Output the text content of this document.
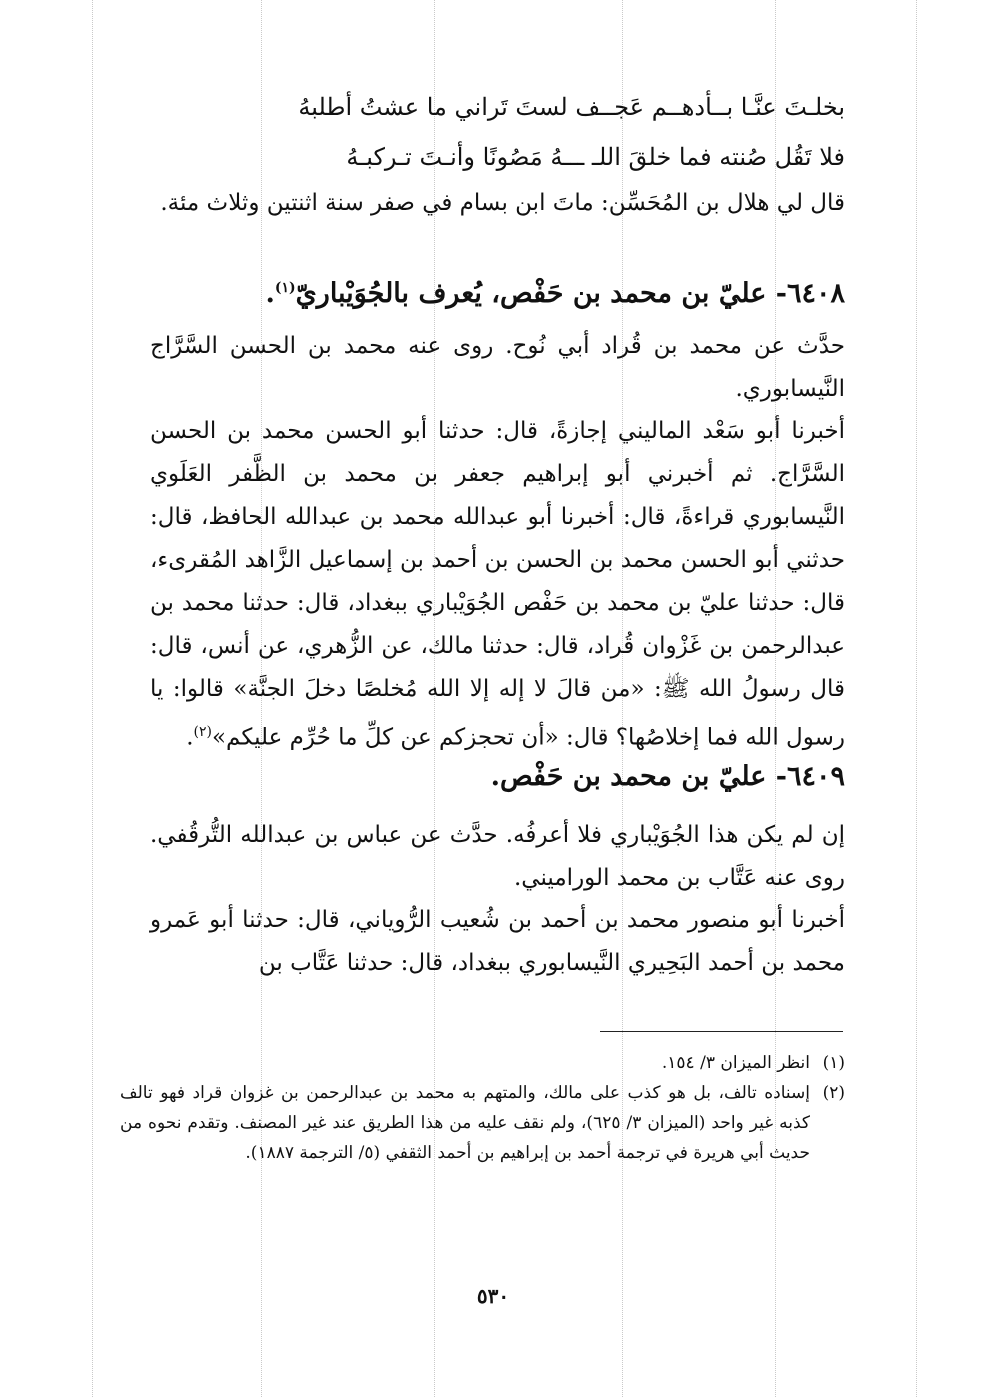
بخلـتَ عنَّـا بــأدهــم عَجــف لستَ تَراني ما عشتُ أطلبهُ
فلا تَقُل صُنته فما خلقَ اللـ ـــهُ مَصُونًا وأنـتَ تـركبـهُ

قال لي هلال بن المُحَسِّن: ماتَ ابن بسام في صفر سنة اثنتين وثلاث مئة.

٦٤٠٨- عليّ بن محمد بن حَفْص، يُعرف بالجُوَيْباريّ$^{(١)}$.

حدَّث عن محمد بن قُراد أبي نُوح. روى عنه محمد بن الحسن السَّرَّاج النَّيسابوري.

أخبرنا أبو سَعْد الماليني إجازةً، قال: حدثنا أبو الحسن محمد بن الحسن السَّرَّاج. ثم أخبرني أبو إبراهيم جعفر بن محمد بن الظَّفر العَلَوي النَّيسابوري قراءةً، قال: أخبرنا أبو عبدالله محمد بن عبدالله الحافظ، قال: حدثني أبو الحسن محمد بن الحسن بن أحمد بن إسماعيل الزَّاهد المُقرىء، قال: حدثنا عليّ بن محمد بن حَفْص الجُوَيْباري ببغداد، قال: حدثنا محمد بن عبدالرحمن بن غَزْوان قُراد، قال: حدثنا مالك، عن الزُّهري، عن أنس، قال: قال رسولُ الله ﷺ: «من قالَ لا إله إلا الله مُخلصًا دخلَ الجنَّة» قالوا: يا رسول الله فما إخلاصُها؟ قال: «أن تحجزكم عن كلِّ ما حُرِّم عليكم»$^{(٢)}$.

٦٤٠٩- عليّ بن محمد بن حَفْص.

إن لم يكن هذا الجُوَيْباري فلا أعرفُه. حدَّث عن عباس بن عبدالله التُّرقُفي. روى عنه عَتَّاب بن محمد الوراميني.

أخبرنا أبو منصور محمد بن أحمد بن شُعيب الرُّوياني، قال: حدثنا أبو عَمرو محمد بن أحمد البَحِيري النَّيسابوري ببغداد، قال: حدثنا عَتَّاب بن

(١)
انظر الميزان ٣/ ١٥٤.

(٢)
إسناده تالف، بل هو كذب على مالك، والمتهم به محمد بن عبدالرحمن بن غزوان قراد فهو تالف كذبه غير واحد (الميزان ٣/ ٦٢٥)، ولم نقف عليه من هذا الطريق عند غير المصنف. وتقدم نحوه من حديث أبي هريرة في ترجمة أحمد بن إبراهيم بن أحمد الثقفي (٥/ الترجمة ١٨٨٧).

٥٣٠
